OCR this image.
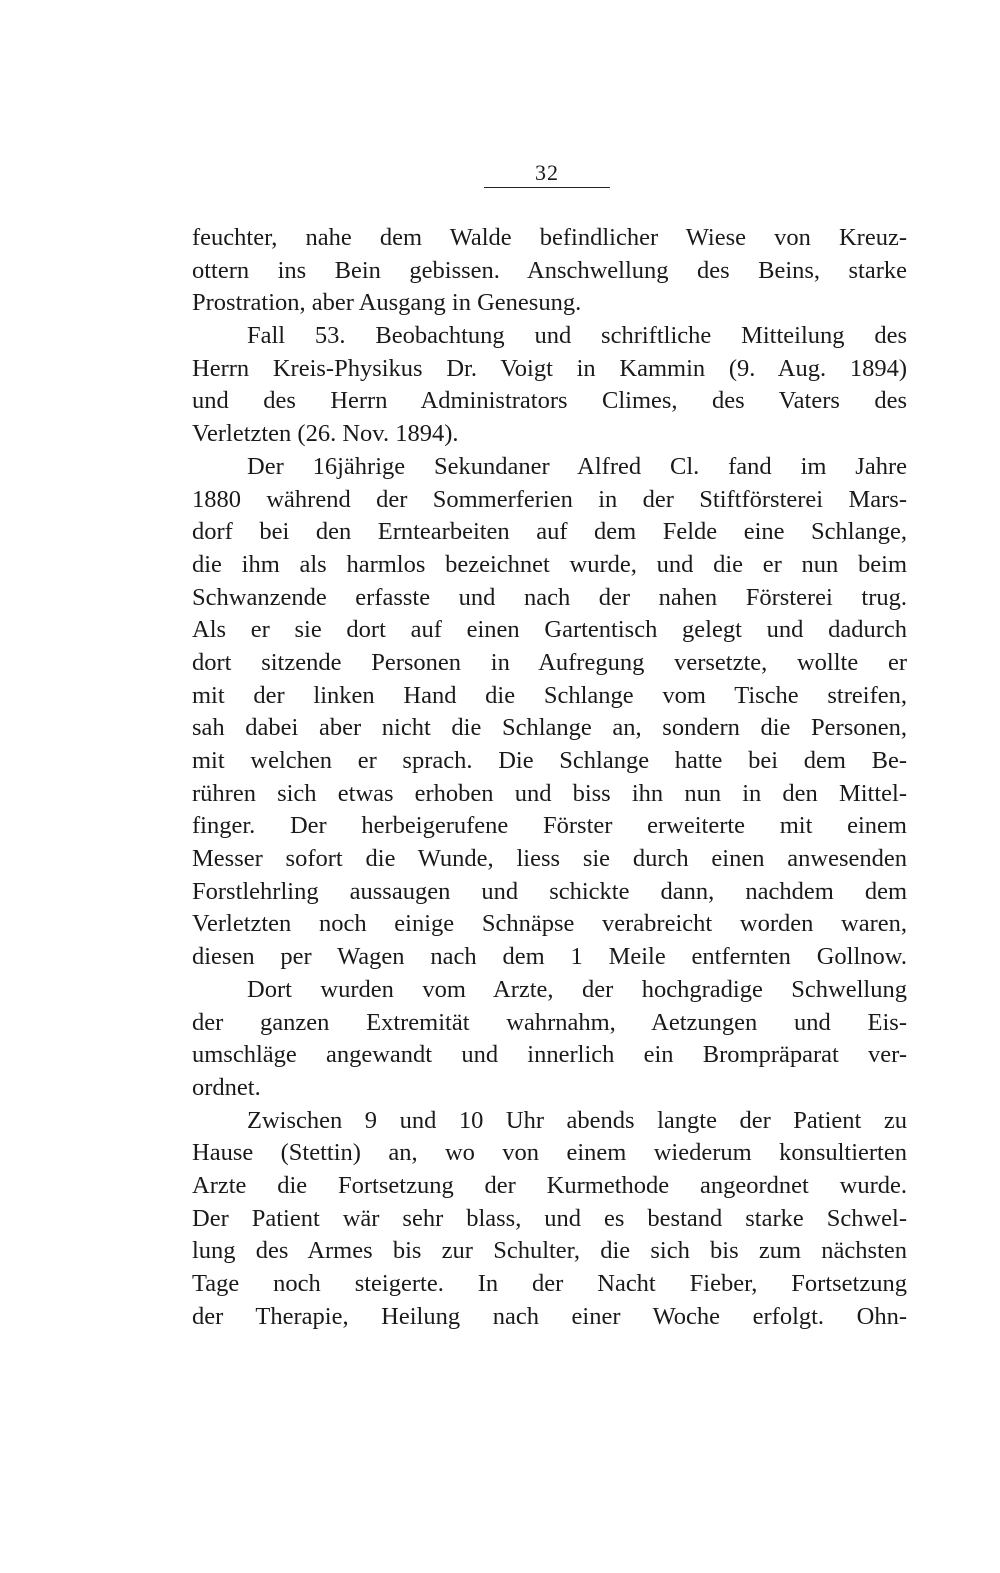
32
feuchter, nahe dem Walde befindlicher Wiese von Kreuz-
ottern ins Bein gebissen. Anschwellung des Beins, starke
Prostration, aber Ausgang in Genesung.
Fall 53. Beobachtung und schriftliche Mitteilung des
Herrn Kreis-Physikus Dr. Voigt in Kammin (9. Aug. 1894)
und des Herrn Administrators Climes, des Vaters des
Verletzten (26. Nov. 1894).
Der 16jährige Sekundaner Alfred Cl. fand im Jahre
1880 während der Sommerferien in der Stiftförsterei Mars-
dorf bei den Erntearbeiten auf dem Felde eine Schlange,
die ihm als harmlos bezeichnet wurde, und die er nun beim
Schwanzende erfasste und nach der nahen Försterei trug.
Als er sie dort auf einen Gartentisch gelegt und dadurch
dort sitzende Personen in Aufregung versetzte, wollte er
mit der linken Hand die Schlange vom Tische streifen,
sah dabei aber nicht die Schlange an, sondern die Personen,
mit welchen er sprach. Die Schlange hatte bei dem Be-
rühren sich etwas erhoben und biss ihn nun in den Mittel-
finger. Der herbeigerufene Förster erweiterte mit einem
Messer sofort die Wunde, liess sie durch einen anwesenden
Forstlehrling aussaugen und schickte dann, nachdem dem
Verletzten noch einige Schnäpse verabreicht worden waren,
diesen per Wagen nach dem 1 Meile entfernten Gollnow.
Dort wurden vom Arzte, der hochgradige Schwellung
der ganzen Extremität wahrnahm, Aetzungen und Eis-
umschläge angewandt und innerlich ein Brompräparat ver-
ordnet.
Zwischen 9 und 10 Uhr abends langte der Patient zu
Hause (Stettin) an, wo von einem wiederum konsultierten
Arzte die Fortsetzung der Kurmethode angeordnet wurde.
Der Patient wär sehr blass, und es bestand starke Schwel-
lung des Armes bis zur Schulter, die sich bis zum nächsten
Tage noch steigerte. In der Nacht Fieber, Fortsetzung
der Therapie, Heilung nach einer Woche erfolgt. Ohn-
